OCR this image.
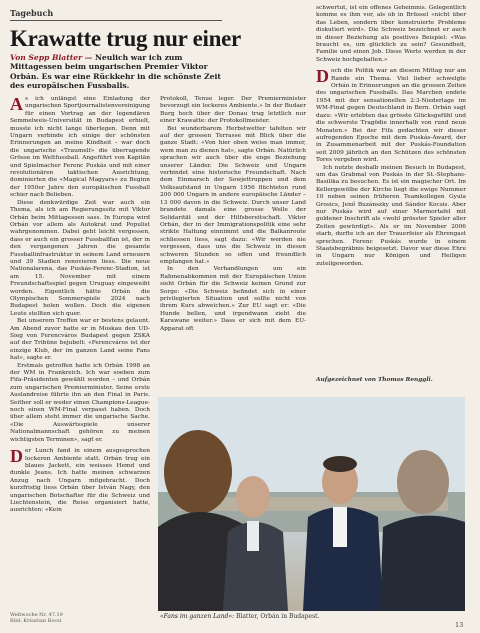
Tagebuch
Krawatte trug nur einer
Von Sepp Blatter — Neulich war ich zum Mittagessen beim ungarischen Premier Viktor Orbán. Es war eine Rückkehr in die schönste Zeit des europäischen Fussballs.

As ich unlängst eine Einladung der ungarischen Sportjournalistenvereinigung für einen Vortrag an der legendären Semmelweis-Universität in Budapest erhielt, musste ich nicht lange überlegen. Denn mit Ungarn verbinde ich einige der schönsten Erinnerungen an meine Kindheit – war doch die ungarische «Traumelf» die überragende Grösse im Weltfussball. Angeführt von Kapitän und Spielmacher Ferenc Puskás und mit einer revolutionären taktischen Ausrichtung, dominierten die «Magical Magyars» zu Beginn der 1950er Jahre den europäischen Fussball schier nach Belieben.

Diese denkwürdige Zeit war auch ein Thema, als ich am Regierungssitz mit Viktor Orbán beim Mittagessen sass. In Europa wird Orbán vor allem als Autokrat und Populist wahrgenommen. Dabei geht leicht vergessen, dass er auch ein grosser Fussballfan ist, der in den vergangenen Jahren die gesamte Fussballinfrastruktur in seinem Land erneuern und 39 Stadien renovieren liess. Die neue Nationalarena, das Puskás-Ferenc-Stadion, ist am 15. November mit einem Freundschaftsspiel gegen Uruguay eingeweiht worden. Eigentlich hätte Orbán die Olympischen Sommerspiele 2024 nach Budapest holen wollen. Doch die eigenen Leute stellten sich quer.

Bei unserem Treffen war er bestens gelaunt. Am Abend zuvor hatte er in Moskau den UD-Sieg von Ferencváros Budapest gegen ZSKA auf der Tribüne bejubelt: «Ferencváros ist der einzige Klub, der im ganzen Land seine Fans hat», sagte er.

Erstmals getroffen hatte ich Orbán 1998 an der WM in Frankreich. Ich war soeben zum Fifa-Präsidenten gewählt worden – und Orbán zum ungarischen Premierminister. Seine erste Auslandreise führte ihn an den Final in Paris. Seither soll er weder einen Champions-League- noch einen WM-Final verpasst haben. Doch über allem steht immer die ungarische Sache. «Die Auswärtsspiele unserer Nationalmannschaft gehören zu meinen wichtigsten Terminen», sagt er.

Der Lunch fand in einem ausgesprochen lockeren Ambiente statt. Orbán trug ein blaues Jackett, ein weisses Hemd und dunkle Jeans. Ich hatte meinen schwarzen Anzug nach Ungarn mitgebracht. Doch kurzfristig liess Orbán über István Nagy, den ungarischen Botschafter für die Schweiz und Liechtenstein, die Reise organisiert hatte, ausrichten: «Kein

Protokoll, Tenue leger. Der Premierminister bevorzugt ein lockeres Ambiente.» In der Budaer Burg hoch über der Donau trug letztlich nur einer Krawatte: der Protokollmeister.

Bei wunderbarem Herbstwetter tafelten wir auf der grossen Terrasse mit Blick über die ganze Stadt: «Von hier oben weiss man immer, wem man zu dienen hat», sagte Orbán. Natürlich sprachen wir auch über die enge Beziehung unserer Länder. Die Schweiz und Ungarn verbindet eine historische Freundschaft. Nach dem Einmarsch der Sowjettruppen und dem Volksaufstand in Ungarn 1956 flüchteten rund 200 000 Ungarn in andere europäische Länder – 13 000 davon in die Schweiz. Durch unser Land brandete damals eine grosse Welle der Solidarität und der Hilfsbereitschaft. Viktor Orbán, der in der Immigrationspolitik eine sehr strikte Haltung einnimmt und die Balkanroute schliessen liess, sagt dazu: «Wir werden nie vergessen, dass uns die Schweiz in diesen schweren Stunden so offen und freundlich empfangen hat.»

In den Verhandlungen um ein Rahmenabkommen mit der Europäischen Union sieht Orbán für die Schweiz keinen Grund zur Sorge: «Die Schweiz befindet sich in einer privilegierten Situation und sollte nicht von ihrem Kurs abweichen.» Zur EU sagt er: «Die Hunde bellen, und irgendwann zieht die Karawane weiter.» Dass er sich mit dem EU-Apparat oft

schwertut, ist ein offenes Geheimnis. Gelegentlich komme es ihm vor, als ob in Brüssel «nicht über das Leben, sondern über konstruierte Probleme diskutiert wird». Die Schweiz bezeichnet er auch in dieser Beziehung als positives Beispiel: «Was braucht es, um glücklich zu sein? Gesundheit, Familie und einen Job. Diese Werte werden in der Schweiz hochgehalten.»

Doch die Politik war an diesem Mittag nur am Rande ein Thema. Viel lieber schwelgte Orbán in Erinnerungen an die grossen Zeiten des ungarischen Fussballs. Das Marchen endete 1954 mit der sensationellen 2:3-Niederlage im WM-Final gegen Deutschland in Bern. Orbán sagt dazu: «Wir erlebten das grösste Glücksgefühl und die schwerste Tragödie innerhalb von rund neun Monaten.» Bei der Fifa gedachten wir dieser aufregenden Epoche mit dem Puskás-Award, der in Zusammenarbeit mit der Puskás-Foundation seit 2009 jährlich an den Schützen des schönsten Tores vergeben wird.

Ich nutzte deshalb meinen Besuch in Budapest, um das Grabmal von Puskás in der St.-Stephans-Basilika zu besuchen. Es ist ein magischer Ort. Im Kellergewölbe der Kirche liegt die ewige Nummer 10 neben seinen früheren Teamkollegen Gyula Grosics, Jenő Buzánszky und Sándor Kocsis. Aber nur Puskás wird auf einer Marmortafel mit goldener Inschrift als «wohl grösster Spieler aller Zeiten gewürdigt». Als er im November 2006 starb, durfte ich an der Trauerfeier als Ehrengast sprechen. Ferenc Puskás wurde in einem Staatsbegräbnis beigesetzt. Davor war diese Ehre in Ungarn nur Königen und Heiligen zuteilgeworden.

Aufgezeichnet von Thomas Renggli.
«Fans im ganzen Land»: Blatter, Orbán in Budapest.
Weltwoche Nr. 47.19
Bild: Krisztian Bocsi	13
